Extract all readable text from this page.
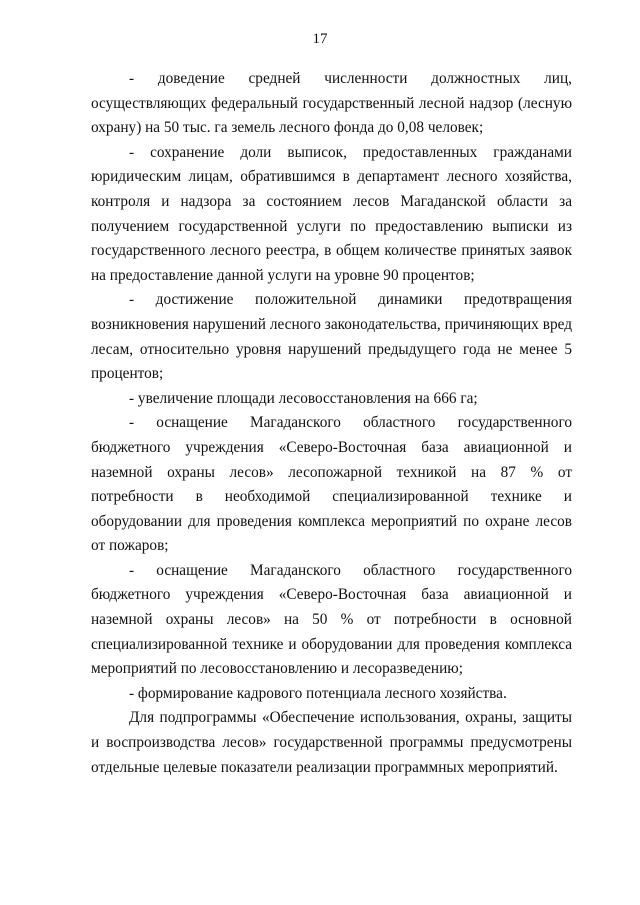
17

- доведение средней численности должностных лиц, осуществляющих федеральный государственный лесной надзор (лесную охрану) на 50 тыс. га земель лесного фонда до 0,08 человек;

- сохранение доли выписок, предоставленных гражданами юридическим лицам, обратившимся в департамент лесного хозяйства, контроля и надзора за состоянием лесов Магаданской области за получением государственной услуги по предоставлению выписки из государственного лесного реестра, в общем количестве принятых заявок на предоставление данной услуги на уровне 90 процентов;

- достижение положительной динамики предотвращения возникновения нарушений лесного законодательства, причиняющих вред лесам, относительно уровня нарушений предыдущего года не менее 5 процентов;

- увеличение площади лесовосстановления на 666 га;

- оснащение Магаданского областного государственного бюджетного учреждения «Северо-Восточная база авиационной и наземной охраны лесов» лесопожарной техникой на 87 % от потребности в необходимой специализированной технике и оборудовании для проведения комплекса мероприятий по охране лесов от пожаров;

- оснащение Магаданского областного государственного бюджетного учреждения «Северо-Восточная база авиационной и наземной охраны лесов» на 50 % от потребности в основной специализированной технике и оборудовании для проведения комплекса мероприятий по лесовосстановлению и лесоразведению;

- формирование кадрового потенциала лесного хозяйства.

Для подпрограммы «Обеспечение использования, охраны, защиты и воспроизводства лесов» государственной программы предусмотрены отдельные целевые показатели реализации программных мероприятий.
